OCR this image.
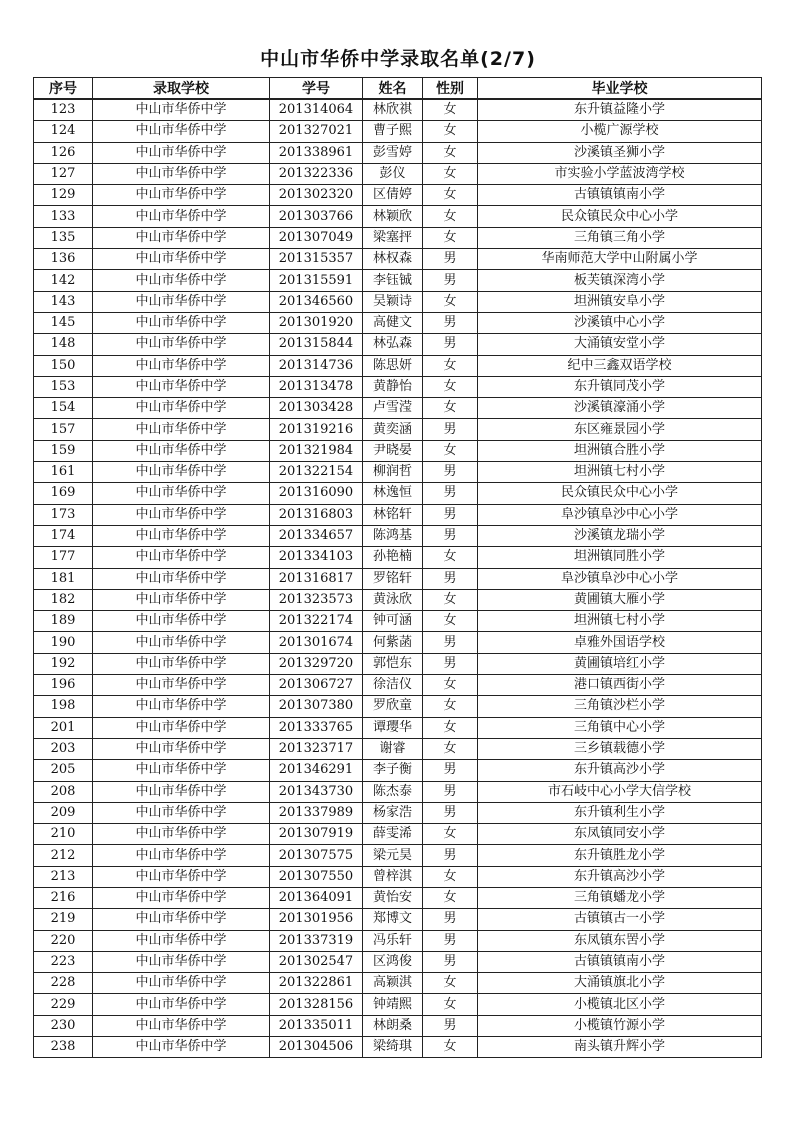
中山市华侨中学录取名单(2/7)
序号	录取学校	学号	姓名	性别	毕业学校
123	中山市华侨中学	201314064	林欣祺	女	东升镇益隆小学
124	中山市华侨中学	201327021	曹子熙	女	小榄广源学校
126	中山市华侨中学	201338961	彭雪婷	女	沙溪镇圣狮小学
127	中山市华侨中学	201322336	彭仪	女	市实验小学蓝波湾学校
129	中山市华侨中学	201302320	区倩婷	女	古镇镇镇南小学
133	中山市华侨中学	201303766	林颖欣	女	民众镇民众中心小学
135	中山市华侨中学	201307049	梁塞抨	女	三角镇三角小学
136	中山市华侨中学	201315357	林权森	男	华南师范大学中山附属小学
142	中山市华侨中学	201315591	李钰铖	男	板芙镇深湾小学
143	中山市华侨中学	201346560	吴颖诗	女	坦洲镇安阜小学
145	中山市华侨中学	201301920	高健文	男	沙溪镇中心小学
148	中山市华侨中学	201315844	林弘森	男	大涌镇安堂小学
150	中山市华侨中学	201314736	陈思妍	女	纪中三鑫双语学校
153	中山市华侨中学	201313478	黄静怡	女	东升镇同茂小学
154	中山市华侨中学	201303428	卢雪滢	女	沙溪镇濠涌小学
157	中山市华侨中学	201319216	黄奕涵	男	东区雍景园小学
159	中山市华侨中学	201321984	尹晓晏	女	坦洲镇合胜小学
161	中山市华侨中学	201322154	柳润哲	男	坦洲镇七村小学
169	中山市华侨中学	201316090	林逸恒	男	民众镇民众中心小学
173	中山市华侨中学	201316803	林铭轩	男	阜沙镇阜沙中心小学
174	中山市华侨中学	201334657	陈鸿基	男	沙溪镇龙瑞小学
177	中山市华侨中学	201334103	孙艳楠	女	坦洲镇同胜小学
181	中山市华侨中学	201316817	罗铭轩	男	阜沙镇阜沙中心小学
182	中山市华侨中学	201323573	黄泳欣	女	黄圃镇大雁小学
189	中山市华侨中学	201322174	钟可涵	女	坦洲镇七村小学
190	中山市华侨中学	201301674	何紫菡	男	卓雅外国语学校
192	中山市华侨中学	201329720	郭恺东	男	黄圃镇培红小学
196	中山市华侨中学	201306727	徐洁仪	女	港口镇西街小学
198	中山市华侨中学	201307380	罗欣童	女	三角镇沙栏小学
201	中山市华侨中学	201333765	谭璎华	女	三角镇中心小学
203	中山市华侨中学	201323717	谢睿	女	三乡镇载德小学
205	中山市华侨中学	201346291	李子衡	男	东升镇高沙小学
208	中山市华侨中学	201343730	陈杰泰	男	市石岐中心小学大信学校
209	中山市华侨中学	201337989	杨家浩	男	东升镇利生小学
210	中山市华侨中学	201307919	薛雯浠	女	东凤镇同安小学
212	中山市华侨中学	201307575	梁元昊	男	东升镇胜龙小学
213	中山市华侨中学	201307550	曾梓淇	女	东升镇高沙小学
216	中山市华侨中学	201364091	黄怡安	女	三角镇蟠龙小学
219	中山市华侨中学	201301956	郑博文	男	古镇镇古一小学
220	中山市华侨中学	201337319	冯乐轩	男	东凤镇东罟小学
223	中山市华侨中学	201302547	区鸿俊	男	古镇镇镇南小学
228	中山市华侨中学	201322861	高颖淇	女	大涌镇旗北小学
229	中山市华侨中学	201328156	钟靖熙	女	小榄镇北区小学
230	中山市华侨中学	201335011	林朗桑	男	小榄镇竹源小学
238	中山市华侨中学	201304506	梁绮琪	女	南头镇升辉小学
